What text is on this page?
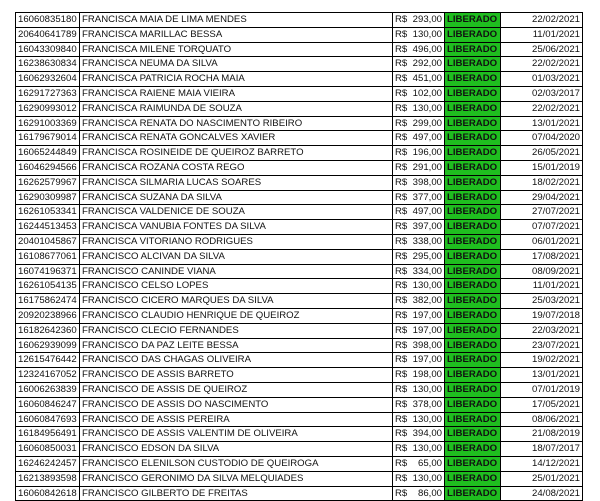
16060835180	FRANCISCA MAIA DE LIMA MENDES	R$ 293,00	LIBERADO	22/02/2021
20640641789	FRANCISCA MARILLAC BESSA	R$ 130,00	LIBERADO	11/01/2021
16043309840	FRANCISCA MILENE TORQUATO	R$ 496,00	LIBERADO	25/06/2021
16238630834	FRANCISCA NEUMA DA SILVA	R$ 292,00	LIBERADO	22/02/2021
16062932604	FRANCISCA PATRICIA ROCHA MAIA	R$ 451,00	LIBERADO	01/03/2021
16291727363	FRANCISCA RAIENE MAIA VIEIRA	R$ 102,00	LIBERADO	02/03/2017
16290993012	FRANCISCA RAIMUNDA DE SOUZA	R$ 130,00	LIBERADO	22/02/2021
16291003369	FRANCISCA RENATA DO NASCIMENTO RIBEIRO	R$ 299,00	LIBERADO	13/01/2021
16179679014	FRANCISCA RENATA GONCALVES XAVIER	R$ 497,00	LIBERADO	07/04/2020
16065244849	FRANCISCA ROSINEIDE DE QUEIROZ BARRETO	R$ 196,00	LIBERADO	26/05/2021
16046294566	FRANCISCA ROZANA COSTA REGO	R$ 291,00	LIBERADO	15/01/2019
16262579967	FRANCISCA SILMARIA LUCAS SOARES	R$ 398,00	LIBERADO	18/02/2021
16290309987	FRANCISCA SUZANA DA SILVA	R$ 377,00	LIBERADO	29/04/2021
16261053341	FRANCISCA VALDENICE DE SOUZA	R$ 497,00	LIBERADO	27/07/2021
16244513453	FRANCISCA VANUBIA FONTES DA SILVA	R$ 397,00	LIBERADO	07/07/2021
20401045867	FRANCISCA VITORIANO RODRIGUES	R$ 338,00	LIBERADO	06/01/2021
16108677061	FRANCISCO ALCIVAN DA SILVA	R$ 295,00	LIBERADO	17/08/2021
16074196371	FRANCISCO CANINDE VIANA	R$ 334,00	LIBERADO	08/09/2021
16261054135	FRANCISCO CELSO LOPES	R$ 130,00	LIBERADO	11/01/2021
16175862474	FRANCISCO CICERO MARQUES DA SILVA	R$ 382,00	LIBERADO	25/03/2021
20920238966	FRANCISCO CLAUDIO HENRIQUE DE QUEIROZ	R$ 197,00	LIBERADO	19/07/2018
16182642360	FRANCISCO CLECIO FERNANDES	R$ 197,00	LIBERADO	22/03/2021
16062939099	FRANCISCO DA PAZ LEITE BESSA	R$ 398,00	LIBERADO	23/07/2021
12615476442	FRANCISCO DAS CHAGAS OLIVEIRA	R$ 197,00	LIBERADO	19/02/2021
12324167052	FRANCISCO DE ASSIS BARRETO	R$ 198,00	LIBERADO	13/01/2021
16006263839	FRANCISCO DE ASSIS DE QUEIROZ	R$ 130,00	LIBERADO	07/01/2019
16060846247	FRANCISCO DE ASSIS DO NASCIMENTO	R$ 378,00	LIBERADO	17/05/2021
16060847693	FRANCISCO DE ASSIS PEREIRA	R$ 130,00	LIBERADO	08/06/2021
16184956491	FRANCISCO DE ASSIS VALENTIM DE OLIVEIRA	R$ 394,00	LIBERADO	21/08/2019
16060850031	FRANCISCO EDSON DA SILVA	R$ 130,00	LIBERADO	18/07/2017
16246242457	FRANCISCO ELENILSON CUSTODIO DE QUEIROGA	R$ 65,00	LIBERADO	14/12/2021
16213893598	FRANCISCO GERONIMO DA SILVA MELQUIADES	R$ 130,00	LIBERADO	25/01/2021
16060842618	FRANCISCO GILBERTO DE FREITAS	R$ 86,00	LIBERADO	24/08/2021
